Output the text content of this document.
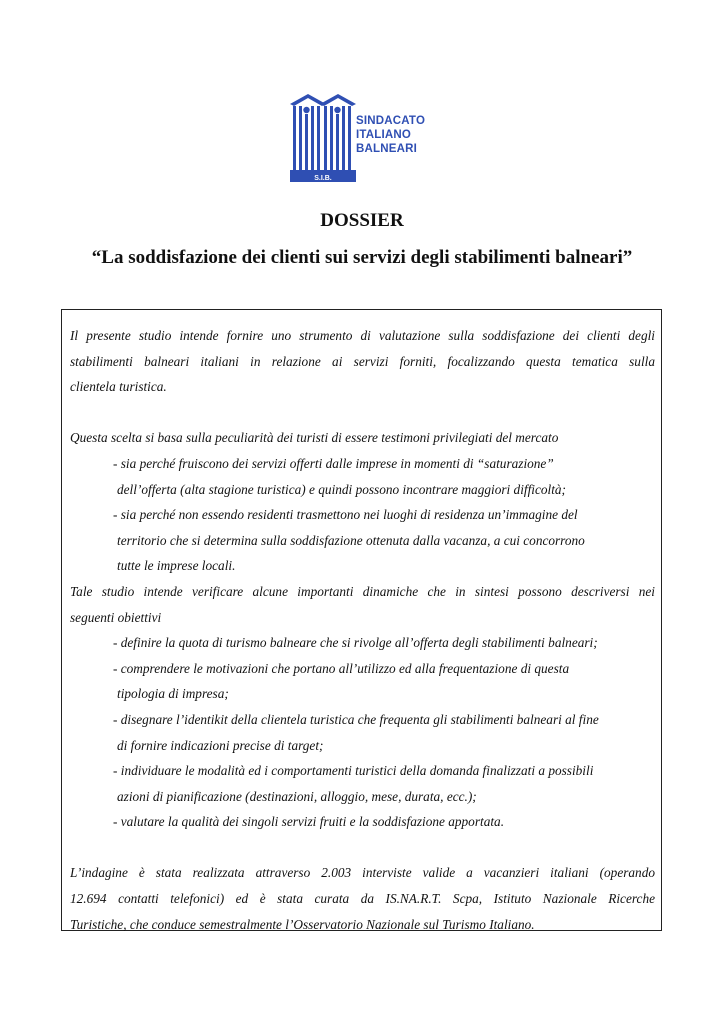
S.I.B.
SINDACATO
ITALIANO
BALNEARI
DOSSIER
“La soddisfazione dei clienti sui servizi degli stabilimenti balneari”
Il presente studio intende fornire uno strumento di valutazione sulla soddisfazione dei clienti degli
stabilimenti balneari italiani in relazione ai servizi forniti, focalizzando questa tematica sulla
clientela turistica.
Questa scelta si basa sulla peculiarità dei turisti di essere testimoni privilegiati del mercato
- sia perché fruiscono dei servizi offerti dalle imprese in momenti di “saturazione”
dell’offerta (alta stagione turistica) e quindi possono incontrare maggiori difficoltà;
- sia perché non essendo residenti trasmettono nei luoghi di residenza un’immagine del
territorio che si determina sulla soddisfazione ottenuta dalla vacanza, a cui concorrono
tutte le imprese locali.
Tale studio intende verificare alcune importanti dinamiche che in sintesi possono descriversi nei
seguenti obiettivi
- definire la quota di turismo balneare che si rivolge all’offerta degli stabilimenti balneari;
- comprendere le motivazioni che portano all’utilizzo ed alla frequentazione di questa
tipologia di impresa;
- disegnare l’identikit della clientela turistica che frequenta gli stabilimenti balneari al fine
di fornire indicazioni precise di target;
- individuare le modalità ed i comportamenti turistici della domanda finalizzati a possibili
azioni di pianificazione (destinazioni, alloggio, mese, durata, ecc.);
- valutare la qualità dei singoli servizi fruiti e la soddisfazione apportata.
L’indagine è stata realizzata attraverso 2.003 interviste valide a vacanzieri italiani (operando
12.694 contatti telefonici) ed è stata curata da IS.NA.R.T. Scpa, Istituto Nazionale Ricerche
Turistiche, che conduce semestralmente l’Osservatorio Nazionale sul Turismo Italiano.
